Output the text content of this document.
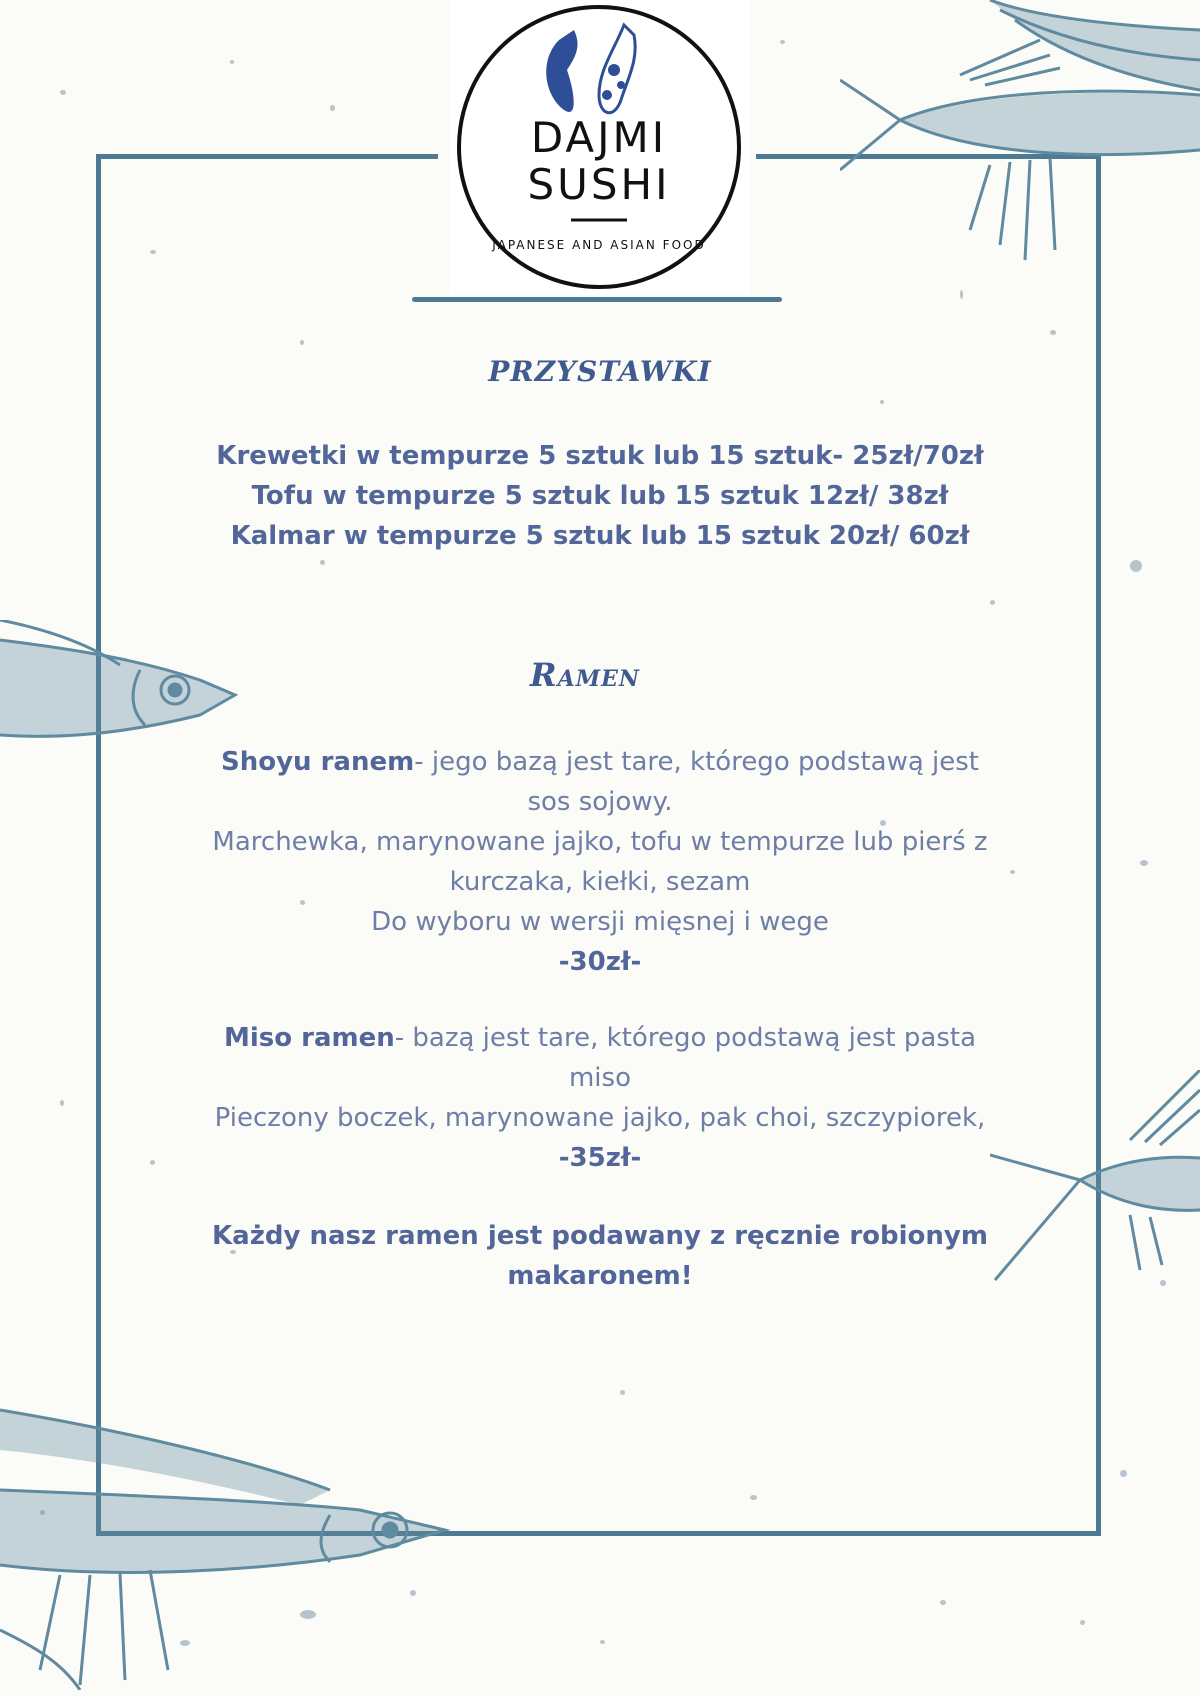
DAJMI
SUSHI
JAPANESE AND ASIAN FOOD
PRZYSTAWKI
Krewetki w tempurze 5 sztuk lub 15 sztuk- 25zł/70zł
Tofu w tempurze 5 sztuk lub 15 sztuk 12zł/ 38zł
Kalmar w tempurze 5 sztuk lub 15 sztuk 20zł/ 60zł
Ramen
Shoyu ranem- jego bazą jest tare, którego podstawą jest
sos sojowy.
Marchewka, marynowane jajko, tofu w tempurze lub pierś z
kurczaka, kiełki, sezam
Do wyboru w wersji mięsnej i wege
-30zł-
Miso ramen- bazą jest tare, którego podstawą jest pasta
miso
Pieczony boczek, marynowane jajko, pak choi, szczypiorek,
-35zł-
Każdy nasz ramen jest podawany z ręcznie robionym
makaronem!
